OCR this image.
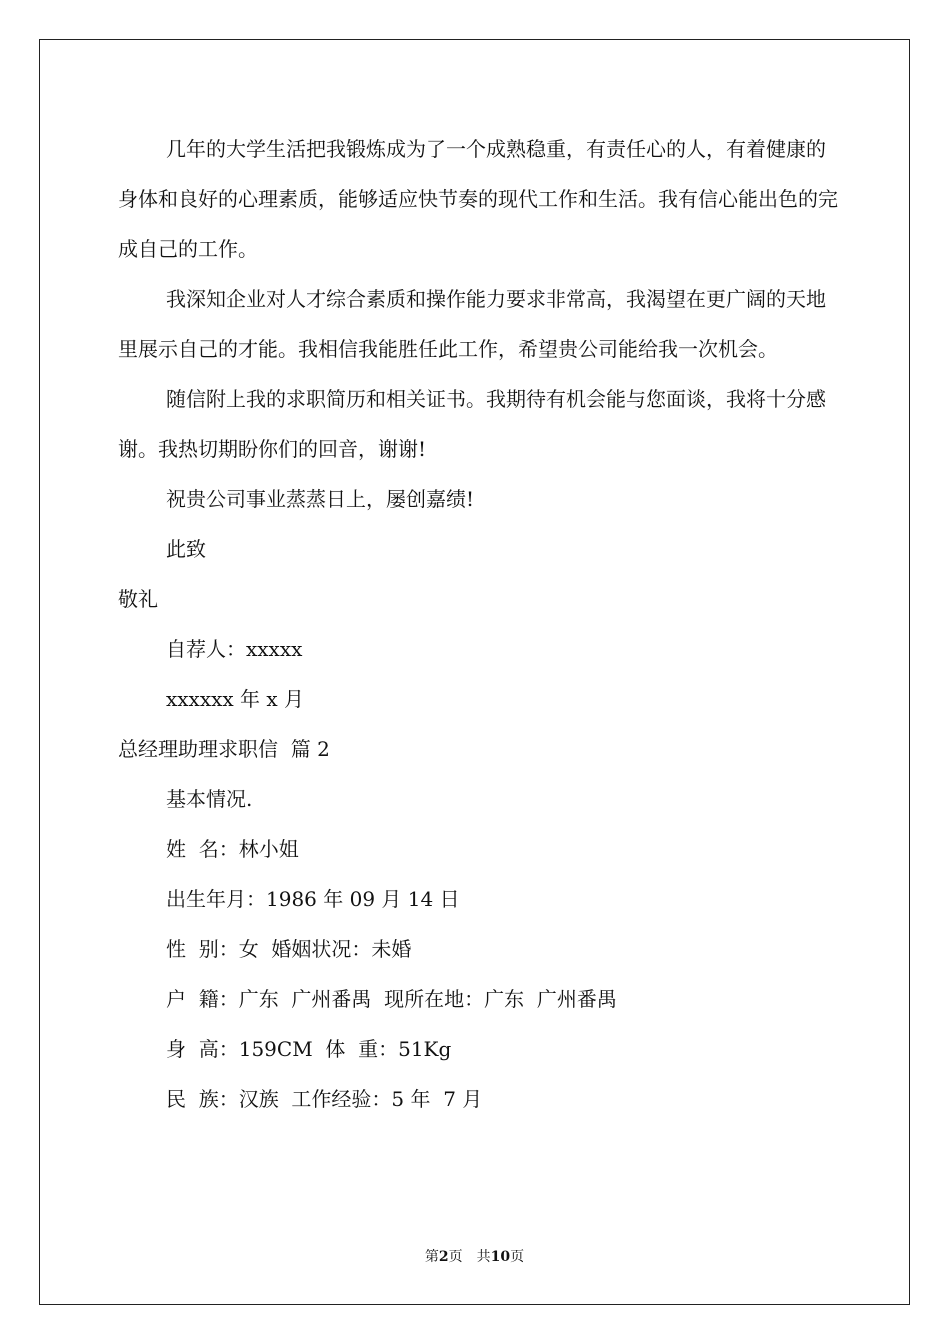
几年的大学生活把我锻炼成为了一个成熟稳重，有责任心的人，有着健康的身体和良好的心理素质，能够适应快节奏的现代工作和生活。我有信心能出色的完成自己的工作。

我深知企业对人才综合素质和操作能力要求非常高，我渴望在更广阔的天地里展示自己的才能。我相信我能胜任此工作，希望贵公司能给我一次机会。

随信附上我的求职简历和相关证书。我期待有机会能与您面谈，我将十分感谢。我热切期盼你们的回音，谢谢!

祝贵公司事业蒸蒸日上，屡创嘉绩!

此致

敬礼

自荐人：xxxxx

xxxxxx 年 x 月

总经理助理求职信  篇 2

基本情况.

姓  名：林小姐

出生年月：1986 年 09 月 14 日

性  别：女  婚姻状况：未婚

户  籍：广东  广州番禺  现所在地：广东  广州番禺

身  高：159CM  体  重：51Kg

民  族：汉族  工作经验：5 年  7 月

第2页 共10页
